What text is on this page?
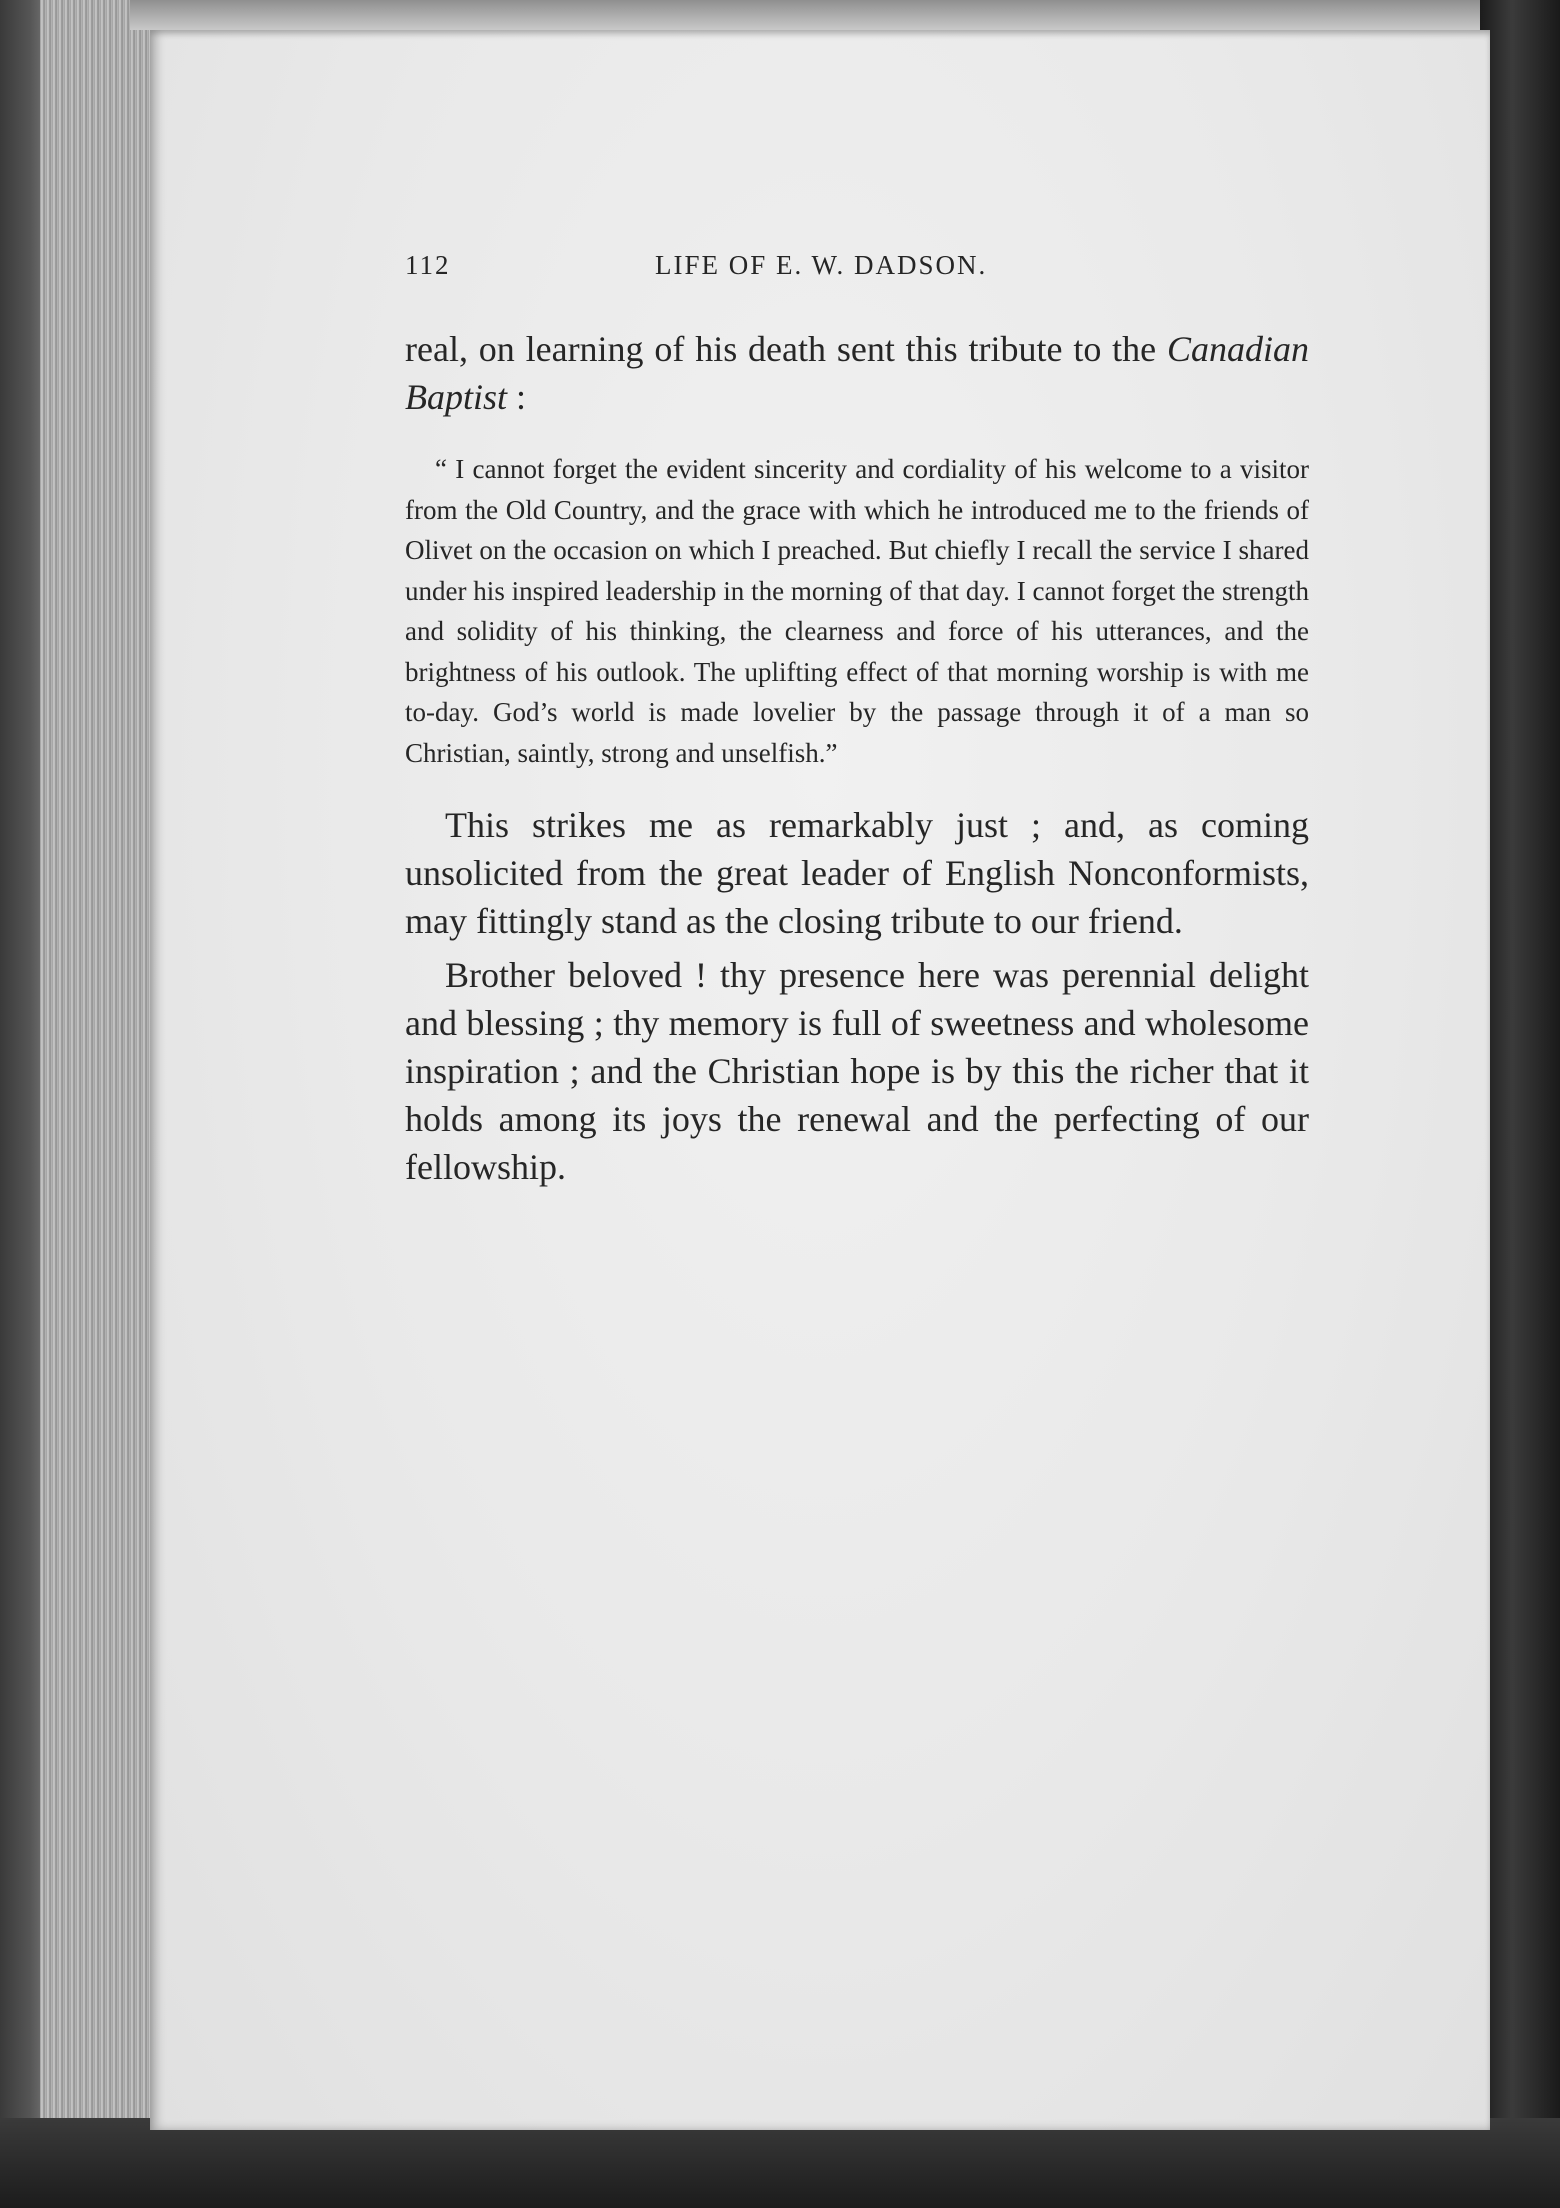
112	LIFE OF E. W. DADSON.

real, on learning of his death sent this tribute to the Canadian Baptist :

“ I cannot forget the evident sincerity and cordiality of his welcome to a visitor from the Old Country, and the grace with which he introduced me to the friends of Olivet on the occasion on which I preached. But chiefly I recall the service I shared under his inspired leadership in the morning of that day. I cannot forget the strength and solidity of his thinking, the clearness and force of his utterances, and the brightness of his outlook. The uplifting effect of that morning worship is with me to-day. God’s world is made lovelier by the passage through it of a man so Christian, saintly, strong and unselfish.”

This strikes me as remarkably just ; and, as coming unsolicited from the great leader of English Nonconformists, may fittingly stand as the closing tribute to our friend.

Brother beloved ! thy presence here was perennial delight and blessing ; thy memory is full of sweetness and wholesome inspiration ; and the Christian hope is by this the richer that it holds among its joys the renewal and the perfecting of our fellowship.
